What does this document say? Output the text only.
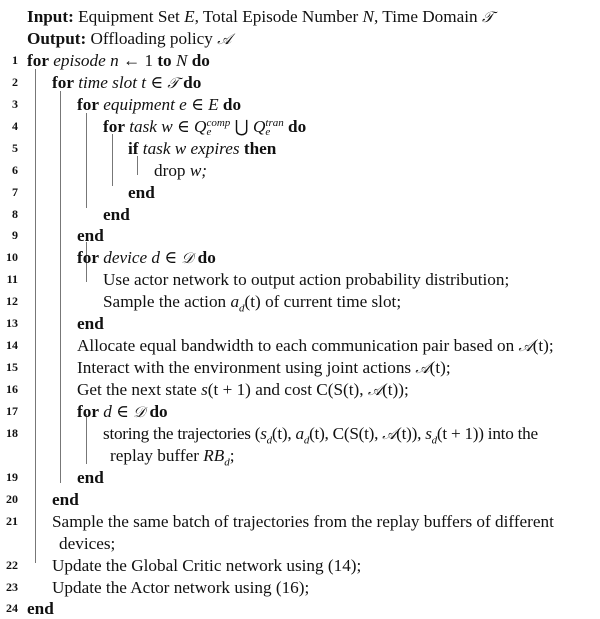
Input: Equipment Set E, Total Episode Number N, Time Domain 𝒯
Output: Offloading policy 𝒜
1 for episode n ← 1 to N do
2 for time slot t ∈ 𝒯 do
3	for equipment e ∈ E do
4	for task w ∈ Q comp
e	⋃ Q tran
e	do
5	if task w expires then
6	drop w;
7	end
8	end
9	end
10	for device d ∈ 𝒟 do
11	Use actor network to output action probability distribution;
12	Sample the action $a_d(t)$ of current time slot;
13	end
14	Allocate equal bandwidth to each communication pair based on 𝒜(t);
15	Interact with the environment using joint actions 𝒜(t);
16	Get the next state s(t + 1) and cost C(S(t), 𝒜(t));
17	for d ∈ 𝒟 do
18	storing the trajectories ($s_d(t)$, $a_d(t)$, C(S(t), 𝒜(t)), $s_d(t + 1)$) into the
replay buffer $RB_d$;
19	end
20 end
21 Sample the same batch of trajectories from the replay buffers of different
devices;
22 Update the Global Critic network using (14);
23 Update the Actor network using (16);
24 end
